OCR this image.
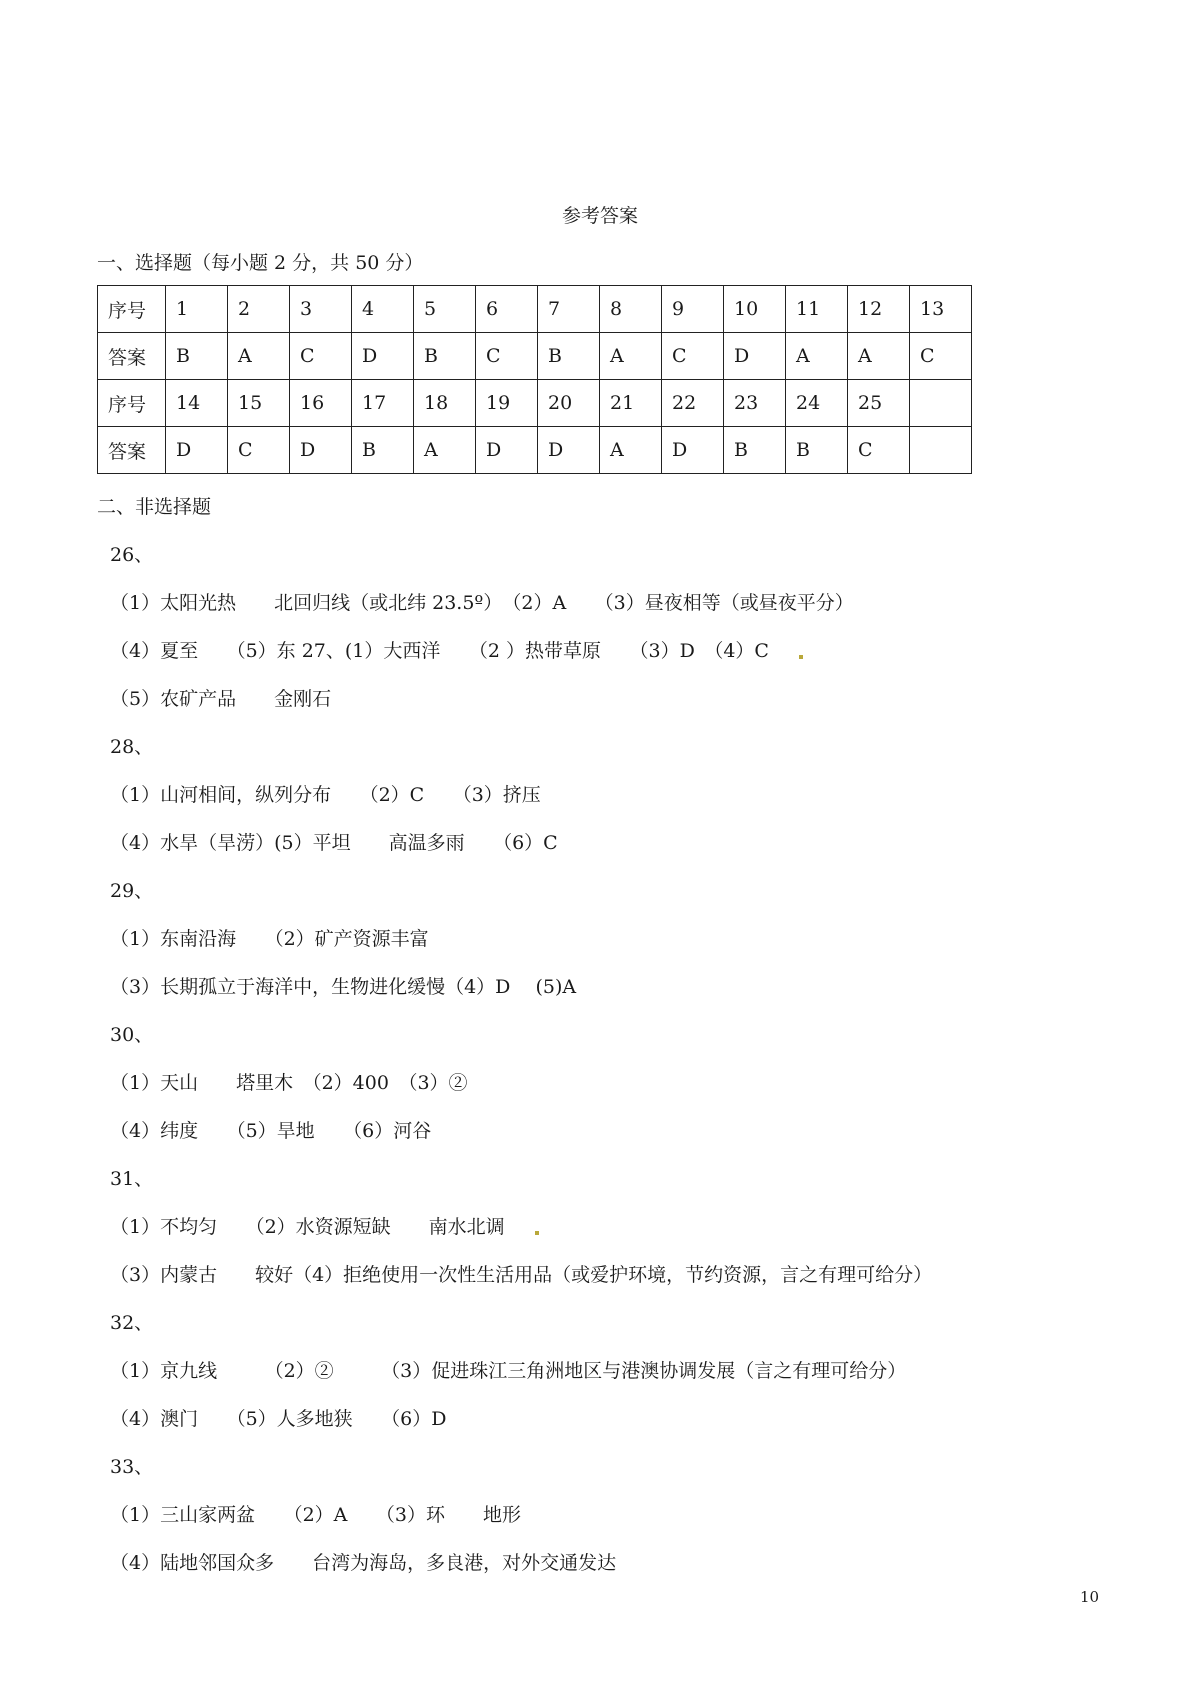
参考答案
一、选择题（每小题 2 分，共 50 分）
序号	1	2	3	4	5	6	7	8	9	10	11	12	13
答案	B	A	C	D	B	C	B	A	C	D	A	A	C
序号	14	15	16	17	18	19	20	21	22	23	24	25	
答案	D	C	D	B	A	D	D	A	D	B	B	C	
二、非选择题
26、
（1）太阳光热　　北回归线（或北纬 23.5º）　（2）A　　（3）昼夜相等（或昼夜平分）
（4）夏至　　（5）东 27、(1）大西洋　　（2 ）热带草原　　（3）D　（4）C
（5）农矿产品　　金刚石
28、
（1）山河相间，纵列分布　　（2）C　　（3）挤压
（4）水旱（旱涝）(5）平坦　　高温多雨　　（6）C
29、
（1）东南沿海　　（2）矿产资源丰富
（3）长期孤立于海洋中，生物进化缓慢（4）D　 (5)A
30、
（1）天山　　塔里木　（2）400　（3）②
（4）纬度　　（5）旱地　　（6）河谷
31、
（1）不均匀　　（2）水资源短缺　　南水北调
（3）内蒙古　　较好（4）拒绝使用一次性生活用品（或爱护环境，节约资源，言之有理可给分）
32、
（1）京九线　　　（2）②　　　（3）促进珠江三角洲地区与港澳协调发展（言之有理可给分）
（4）澳门　　（5）人多地狭　　（6）D
33、
（1）三山家两盆　　（2）A　　（3）环　　地形
（4）陆地邻国众多　　台湾为海岛，多良港，对外交通发达
10
